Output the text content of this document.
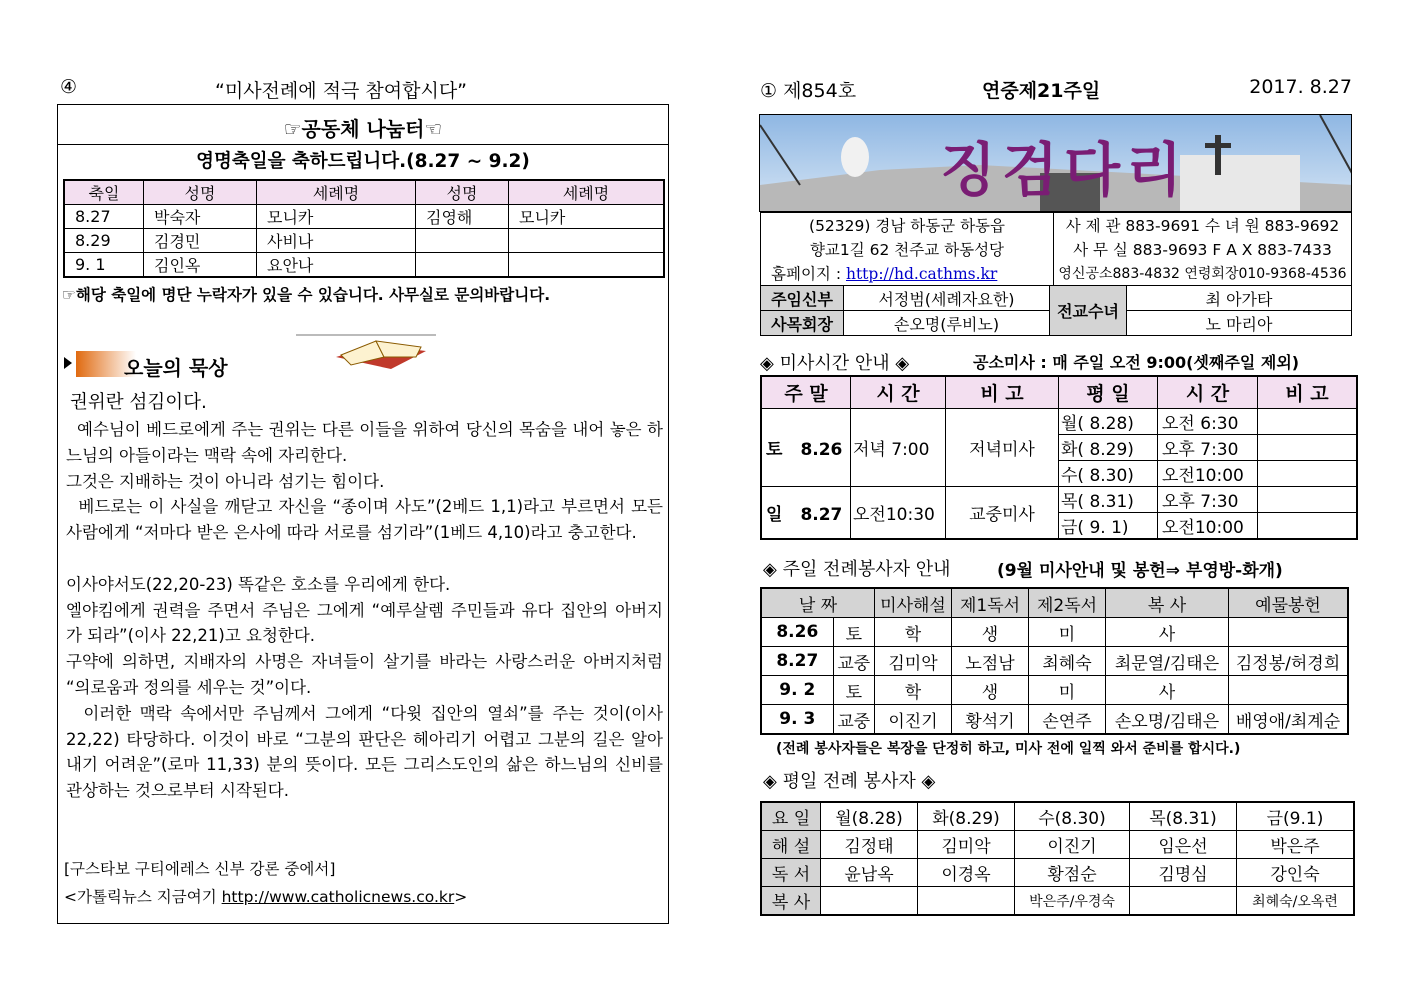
④	“미사전례에 적극 참여합시다”
☞공동체 나눔터☜
영명축일을 축하드립니다.(8.27 ~ 9.2)
축일	성명	세례명	성명	세례명
8.27	박숙자	모니카	김영해	모니카
8.29	김경민	사비나		
9. 1	김인옥	요안나		
☞해당 축일에 명단 누락자가 있을 수 있습니다. 사무실로 문의바랍니다.
오늘의 묵상
권위란 섬김이다.

예수님이 베드로에게 주는 권위는 다른 이들을 위하여 당신의 목숨을 내어 놓은 하느님의 아들이라는 맥락 속에 자리한다.

그것은 지배하는 것이 아니라 섬기는 힘이다.

베드로는 이 사실을 깨닫고 자신을 “종이며 사도”(2베드 1,1)라고 부르면서 모든 사람에게 “저마다 받은 은사에 따라 서로를 섬기라”(1베드 4,10)라고 충고한다.

이사야서도(22,20-23) 똑같은 호소를 우리에게 한다.

엘야킴에게 권력을 주면서 주님은 그에게 “예루살렘 주민들과 유다 집안의 아버지가 되라”(이사 22,21)고 요청한다.

구약에 의하면, 지배자의 사명은 자녀들이 살기를 바라는 사랑스러운 아버지처럼 “의로움과 정의를 세우는 것”이다.

이러한 맥락 속에서만 주님께서 그에게 “다윗 집안의 열쇠”를 주는 것이(이사 22,22) 타당하다. 이것이 바로 “그분의 판단은 헤아리기 어렵고 그분의 길은 알아내기 어려운”(로마 11,33) 분의 뜻이다. 모든 그리스도인의 삶은 하느님의 신비를 관상하는 것으로부터 시작된다.

[구스타보 구티에레스 신부 강론 중에서]
<가톨릭뉴스 지금여기 http://www.catholicnews.co.kr>
① 제854호	연중제21주일	2017. 8.27
징검다리
(52329) 경남 하동군 하동읍	사 제 관 883-9691 수 녀 원 883-9692
향교1길 62 천주교 하동성당	사 무 실 883-9693 F A X 883-7433
홈페이지 : http://hd.cathms.kr	영신공소883-4832 연령회장010-9368-4536
주임신부	서정범(세례자요한)	전교수녀	최 아가타
사목회장	손오명(루비노)		노 마리아
◈ 미사시간 안내 ◈	공소미사 : 매 주일 오전 9:00(셋째주일 제외)
주 말	시 간	비 고	평 일	시 간	비 고
토 8.26	저녁 7:00	저녁미사	월( 8.28)	오전 6:30	
			화( 8.29)	오후 7:30	
			수( 8.30)	오전10:00	
일 8.27	오전10:30	교중미사	목( 8.31)	오후 7:30	
			금( 9. 1)	오전10:00	
◈ 주일 전례봉사자 안내	(9월 미사안내 및 봉헌⇒ 부영방-화개)
날 짜		미사해설	제1독서	제2독서	복 사	예물봉헌
8.26	토	학	생	미	사	
8.27	교중	김미악	노점남	최혜숙	최문열/김태은	김정봉/허경희
9. 2	토	학	생	미	사	
9. 3	교중	이진기	황석기	손연주	손오명/김태은	배영애/최계순
(전례 봉사자들은 복장을 단정히 하고, 미사 전에 일찍 와서 준비를 합시다.)
◈ 평일 전례 봉사자 ◈
요 일	월(8.28)	화(8.29)	수(8.30)	목(8.31)	금(9.1)
해 설	김정태	김미악	이진기	임은선	박은주
독 서	윤남옥	이경옥	황점순	김명심	강인숙
복 사			박은주/우경숙		최혜숙/오옥련
